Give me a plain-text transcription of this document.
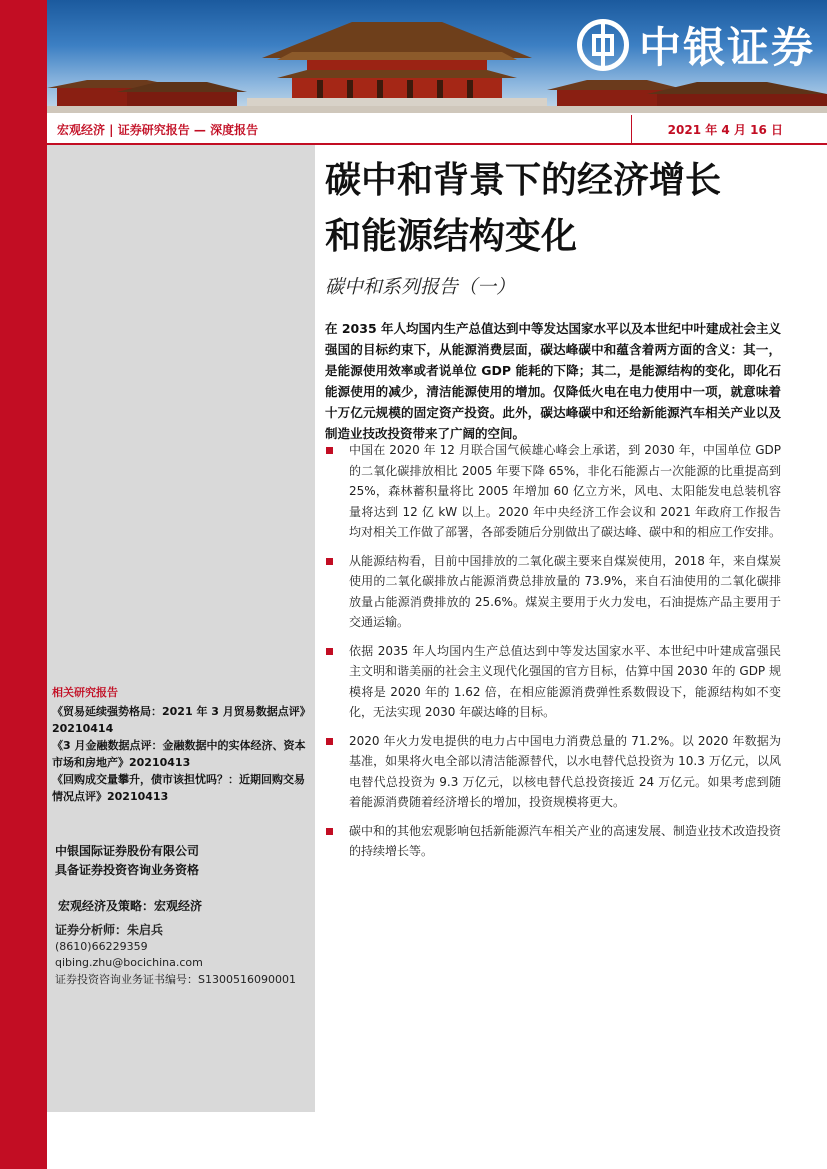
中银证券
宏观经济 | 证券研究报告 — 深度报告	2021 年 4 月 16 日
碳中和背景下的经济增长
和能源结构变化
碳中和系列报告（一）
在 2035 年人均国内生产总值达到中等发达国家水平以及本世纪中叶建成社会主义强国的目标约束下，从能源消费层面，碳达峰碳中和蕴含着两方面的含义：其一，是能源使用效率或者说单位 GDP 能耗的下降；其二，是能源结构的变化，即化石能源使用的减少，清洁能源使用的增加。仅降低火电在电力使用中一项，就意味着十万亿元规模的固定资产投资。此外，碳达峰碳中和还给新能源汽车相关产业以及制造业技改投资带来了广阔的空间。
中国在 2020 年 12 月联合国气候雄心峰会上承诺，到 2030 年，中国单位 GDP 的二氧化碳排放相比 2005 年要下降 65%，非化石能源占一次能源的比重提高到 25%，森林蓄积量将比 2005 年增加 60 亿立方米，风电、太阳能发电总装机容量将达到 12 亿 kW 以上。2020 年中央经济工作会议和 2021 年政府工作报告均对相关工作做了部署，各部委随后分别做出了碳达峰、碳中和的相应工作安排。
从能源结构看，目前中国排放的二氧化碳主要来自煤炭使用，2018 年，来自煤炭使用的二氧化碳排放占能源消费总排放量的 73.9%，来自石油使用的二氧化碳排放量占能源消费排放的 25.6%。煤炭主要用于火力发电，石油提炼产品主要用于交通运输。
依据 2035 年人均国内生产总值达到中等发达国家水平、本世纪中叶建成富强民主文明和谐美丽的社会主义现代化强国的官方目标，估算中国 2030 年的 GDP 规模将是 2020 年的 1.62 倍，在相应能源消费弹性系数假设下，能源结构如不变化，无法实现 2030 年碳达峰的目标。
2020 年火力发电提供的电力占中国电力消费总量的 71.2%。以 2020 年数据为基准，如果将火电全部以清洁能源替代，以水电替代总投资为 10.3 万亿元，以风电替代总投资为 9.3 万亿元，以核电替代总投资接近 24 万亿元。如果考虑到随着能源消费随着经济增长的增加，投资规模将更大。
碳中和的其他宏观影响包括新能源汽车相关产业的高速发展、制造业技术改造投资的持续增长等。
相关研究报告
《贸易延续强势格局：2021 年 3 月贸易数据点评》20210414
《3 月金融数据点评：金融数据中的实体经济、资本市场和房地产》20210413
《回购成交量攀升，债市该担忧吗？：近期回购交易情况点评》20210413
中银国际证券股份有限公司
具备证券投资咨询业务资格
宏观经济及策略：宏观经济
证券分析师：朱启兵
(8610)66229359
qibing.zhu@bocichina.com
证券投资咨询业务证书编号：S1300516090001
